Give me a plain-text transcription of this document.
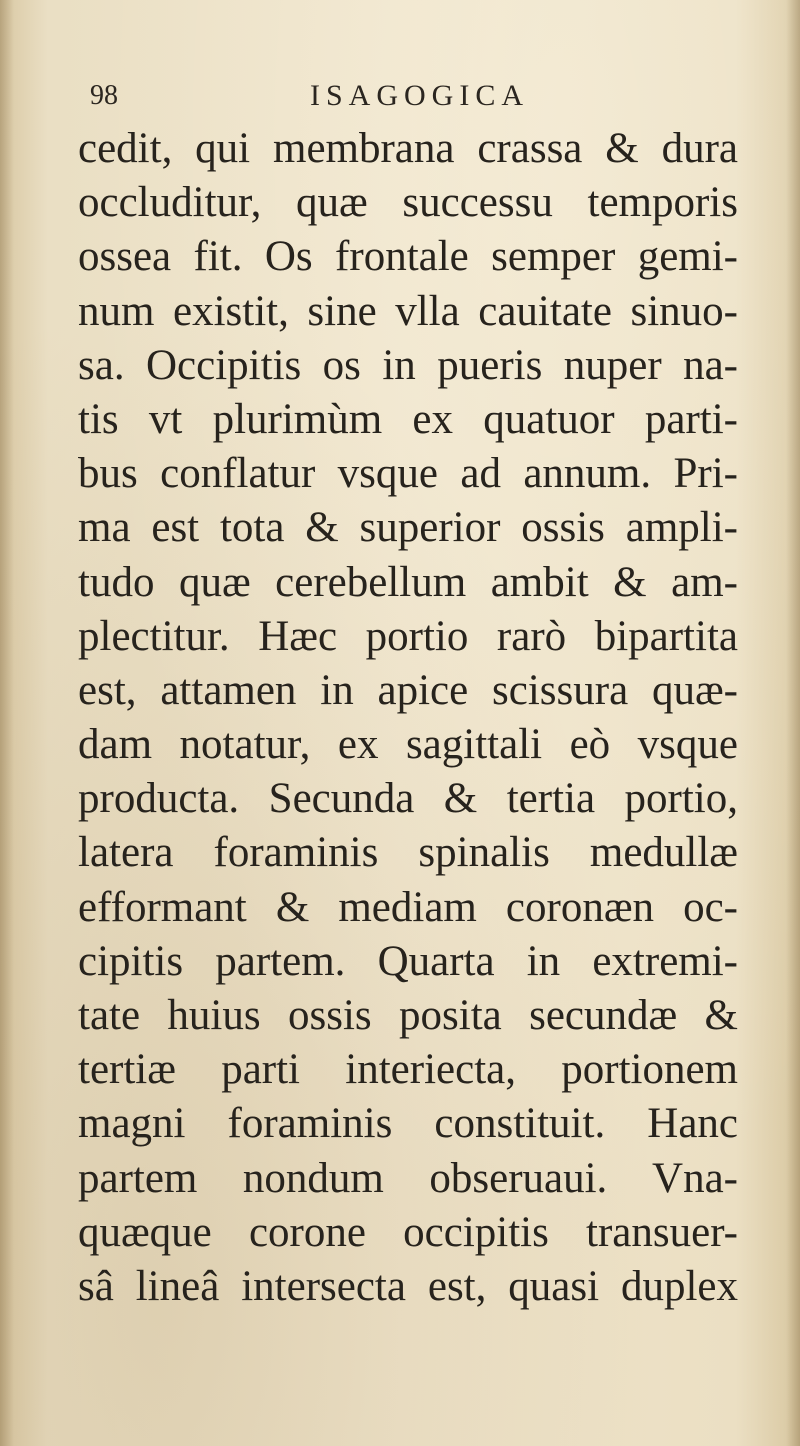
98	ISAGOGICA
cedit, qui membrana crassa & dura
occluditur, quæ successu temporis
ossea fit. Os frontale semper gemi-
num existit, sine vlla cauitate sinuo-
sa. Occipitis os in pueris nuper na-
tis vt plurimùm ex quatuor parti-
bus conflatur vsque ad annum. Pri-
ma est tota & superior ossis ampli-
tudo quæ cerebellum ambit & am-
plectitur. Hæc portio rarò bipartita
est, attamen in apice scissura quæ-
dam notatur, ex sagittali eò vsque
producta. Secunda & tertia portio,
latera foraminis spinalis medullæ
efformant & mediam coronæn oc-
cipitis partem. Quarta in extremi-
tate huius ossis posita secundæ &
tertiæ parti interiecta, portionem
magni foraminis constituit. Hanc
partem nondum obseruaui. Vna-
quæque corone occipitis transuer-
sâ lineâ intersecta est, quasi duplex
